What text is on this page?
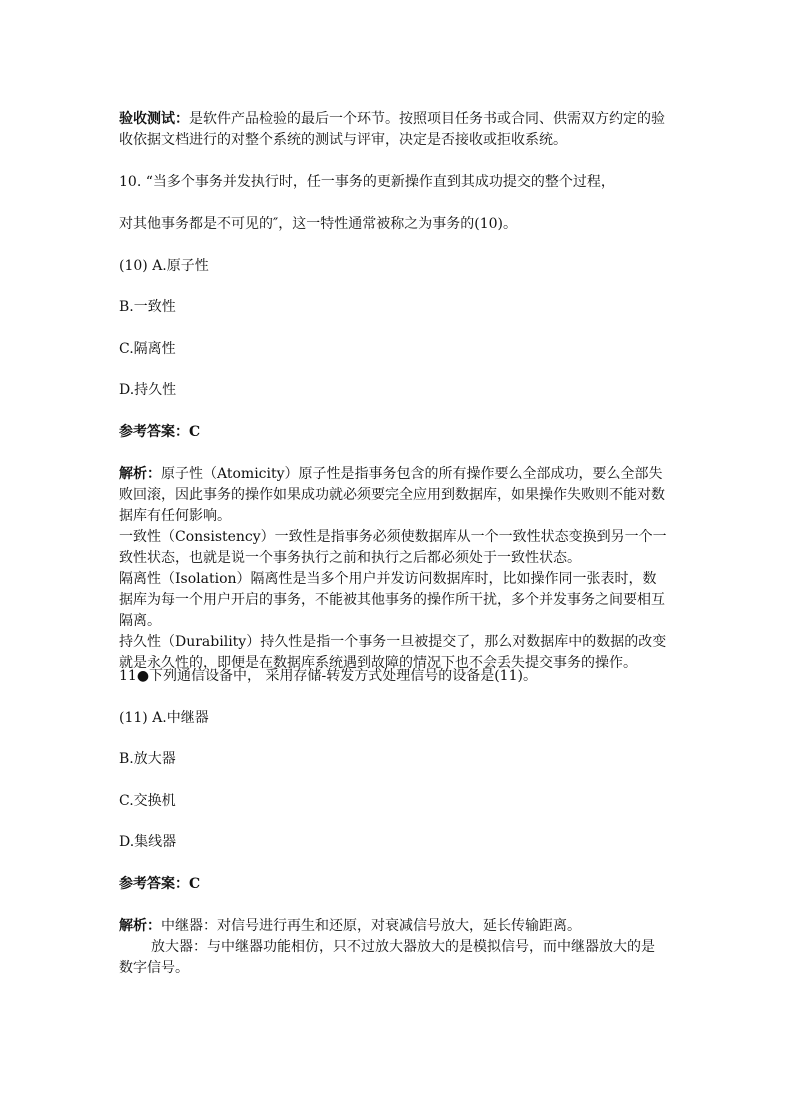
验收测试：是软件产品检验的最后一个环节。按照项目任务书或合同、供需双方约定的验
收依据文档进行的对整个系统的测试与评审，决定是否接收或拒收系统。
10. “当多个事务并发执行时，任一事务的更新操作直到其成功提交的整个过程，
对其他事务都是不可见的″，这一特性通常被称之为事务的(10)。
(10) A.原子性
B.一致性
C.隔离性
D.持久性
参考答案：C
解析：原子性（Atomicity）原子性是指事务包含的所有操作要么全部成功，要么全部失
败回滚，因此事务的操作如果成功就必须要完全应用到数据库，如果操作失败则不能对数
据库有任何影响。
一致性（Consistency）一致性是指事务必须使数据库从一个一致性状态变换到另一个一
致性状态，也就是说一个事务执行之前和执行之后都必须处于一致性状态。
隔离性（Isolation）隔离性是当多个用户并发访问数据库时，比如操作同一张表时，数
据库为每一个用户开启的事务，不能被其他事务的操作所干扰，多个并发事务之间要相互
隔离。
持久性（Durability）持久性是指一个事务一旦被提交了，那么对数据库中的数据的改变
就是永久性的，即便是在数据库系统遇到故障的情况下也不会丢失提交事务的操作。
11●下列通信设备中， 采用存储-转发方式处理信号的设备是(11)。
(11) A.中继器
B.放大器
C.交换机
D.集线器
参考答案：C
解析：中继器：对信号进行再生和还原，对衰减信号放大，延长传输距离。
放大器：与中继器功能相仿，只不过放大器放大的是模拟信号，而中继器放大的是
数字信号。
